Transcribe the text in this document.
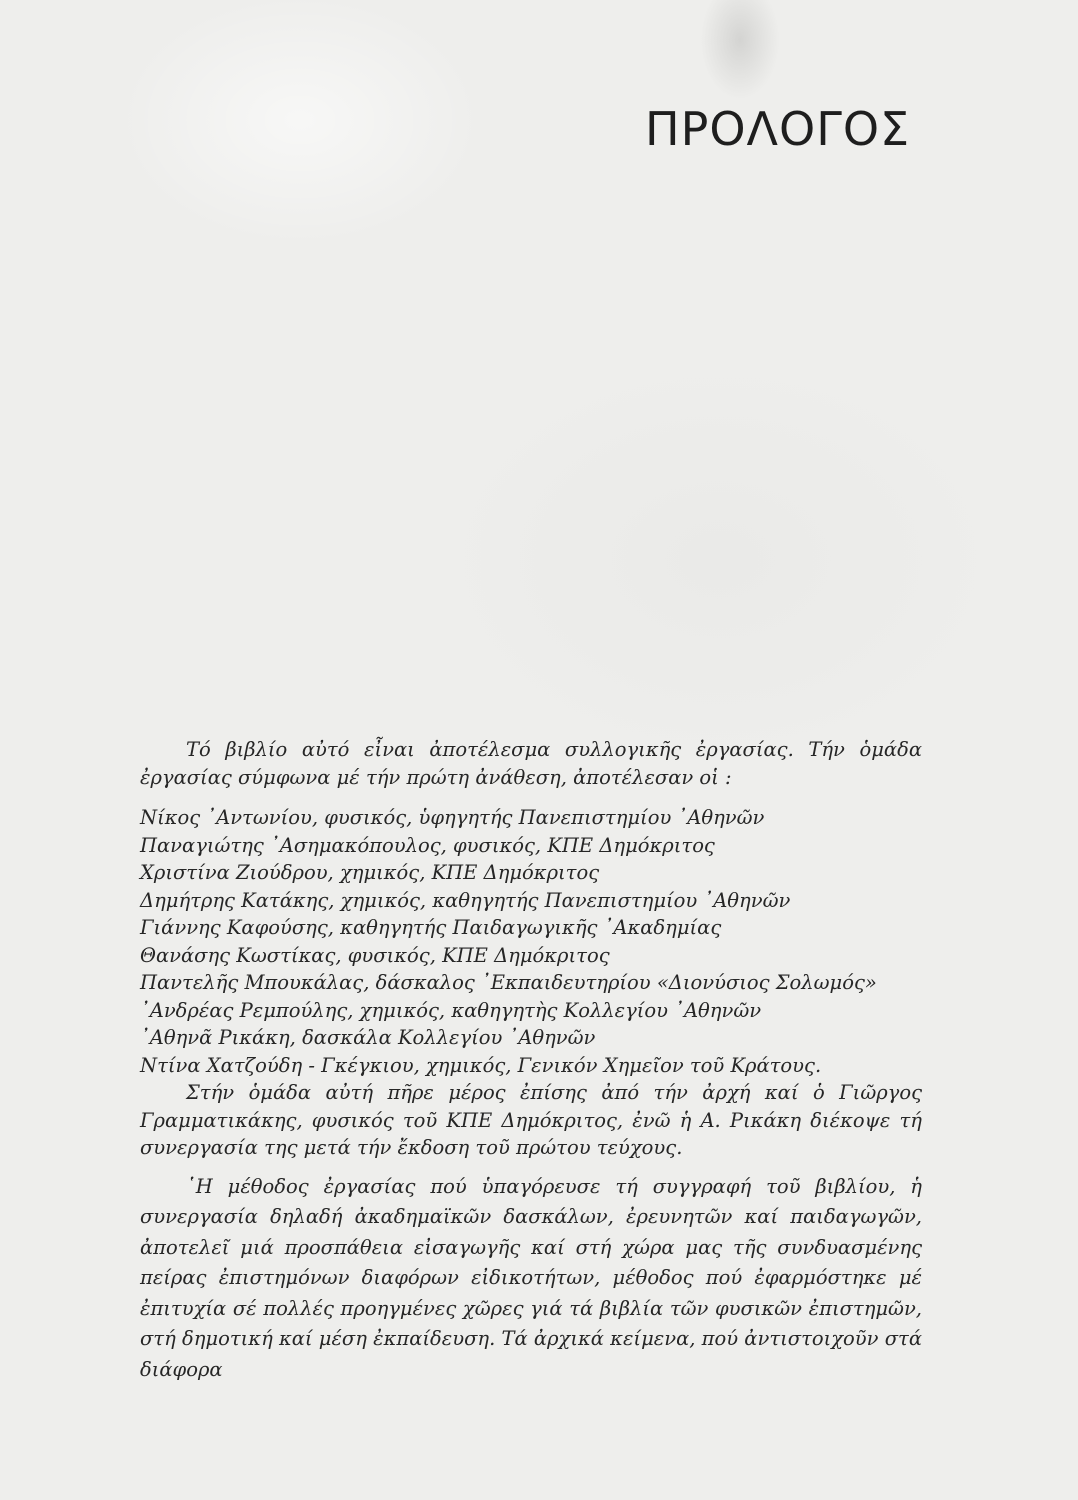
ΠΡΟΛΟΓΟΣ

Τό βιβλίο αὐτό εἶναι ἀποτέλεσμα συλλογικῆς ἐργασίας. Τήν ὁμάδα ἐργασίας σύμφωνα μέ τήν πρώτη ἀνάθεση, ἀποτέλεσαν οἱ :

Νίκος ᾿Αντωνίου, φυσικός, ὑφηγητής Πανεπιστημίου ᾿Αθηνῶν
Παναγιώτης ᾿Ασημακόπουλος, φυσικός, ΚΠΕ Δημόκριτος
Χριστίνα Ζιούδρου, χημικός, ΚΠΕ Δημόκριτος
Δημήτρης Κατάκης, χημικός, καθηγητής Πανεπιστημίου ᾿Αθηνῶν
Γιάννης Καφούσης, καθηγητής Παιδαγωγικῆς ᾿Ακαδημίας
Θανάσης Κωστίκας, φυσικός, ΚΠΕ Δημόκριτος
Παντελῆς Μπουκάλας, δάσκαλος ᾿Εκπαιδευτηρίου «Διονύσιος Σολωμός»
᾿Ανδρέας Ρεμπούλης, χημικός, καθηγητὴς Κολλεγίου ᾿Αθηνῶν
᾿Αθηνᾶ Ρικάκη, δασκάλα Κολλεγίου ᾿Αθηνῶν
Ντίνα Χατζούδη - Γκέγκιου, χημικός, Γενικόν Χημεῖον τοῦ Κράτους.

Στήν ὁμάδα αὐτή πῆρε μέρος ἐπίσης ἀπό τήν ἀρχή καί ὁ Γιῶργος Γραμματικάκης, φυσικός τοῦ ΚΠΕ Δημόκριτος, ἐνῶ ἡ Α. Ρικάκη διέκοψε τή συνεργασία της μετά τήν ἔκδοση τοῦ πρώτου τεύχους.

῾Η μέθοδος ἐργασίας πού ὑπαγόρευσε τή συγγραφή τοῦ βιβλίου, ἡ συνεργασία δηλαδή ἀκαδημαϊκῶν δασκάλων, ἐρευνητῶν καί παιδαγωγῶν, ἀποτελεῖ μιά προσπάθεια εἰσαγωγῆς καί στή χώρα μας τῆς συνδυασμένης πείρας ἐπιστημόνων διαφόρων εἰδικοτήτων, μέθοδος πού ἐφαρμόστηκε μέ ἐπιτυχία σέ πολλές προηγμένες χῶρες γιά τά βιβλία τῶν φυσικῶν ἐπιστημῶν, στή δημοτική καί μέση ἐκπαίδευση. Τά ἀρχικά κείμενα, πού ἀντιστοιχοῦν στά διάφορα
